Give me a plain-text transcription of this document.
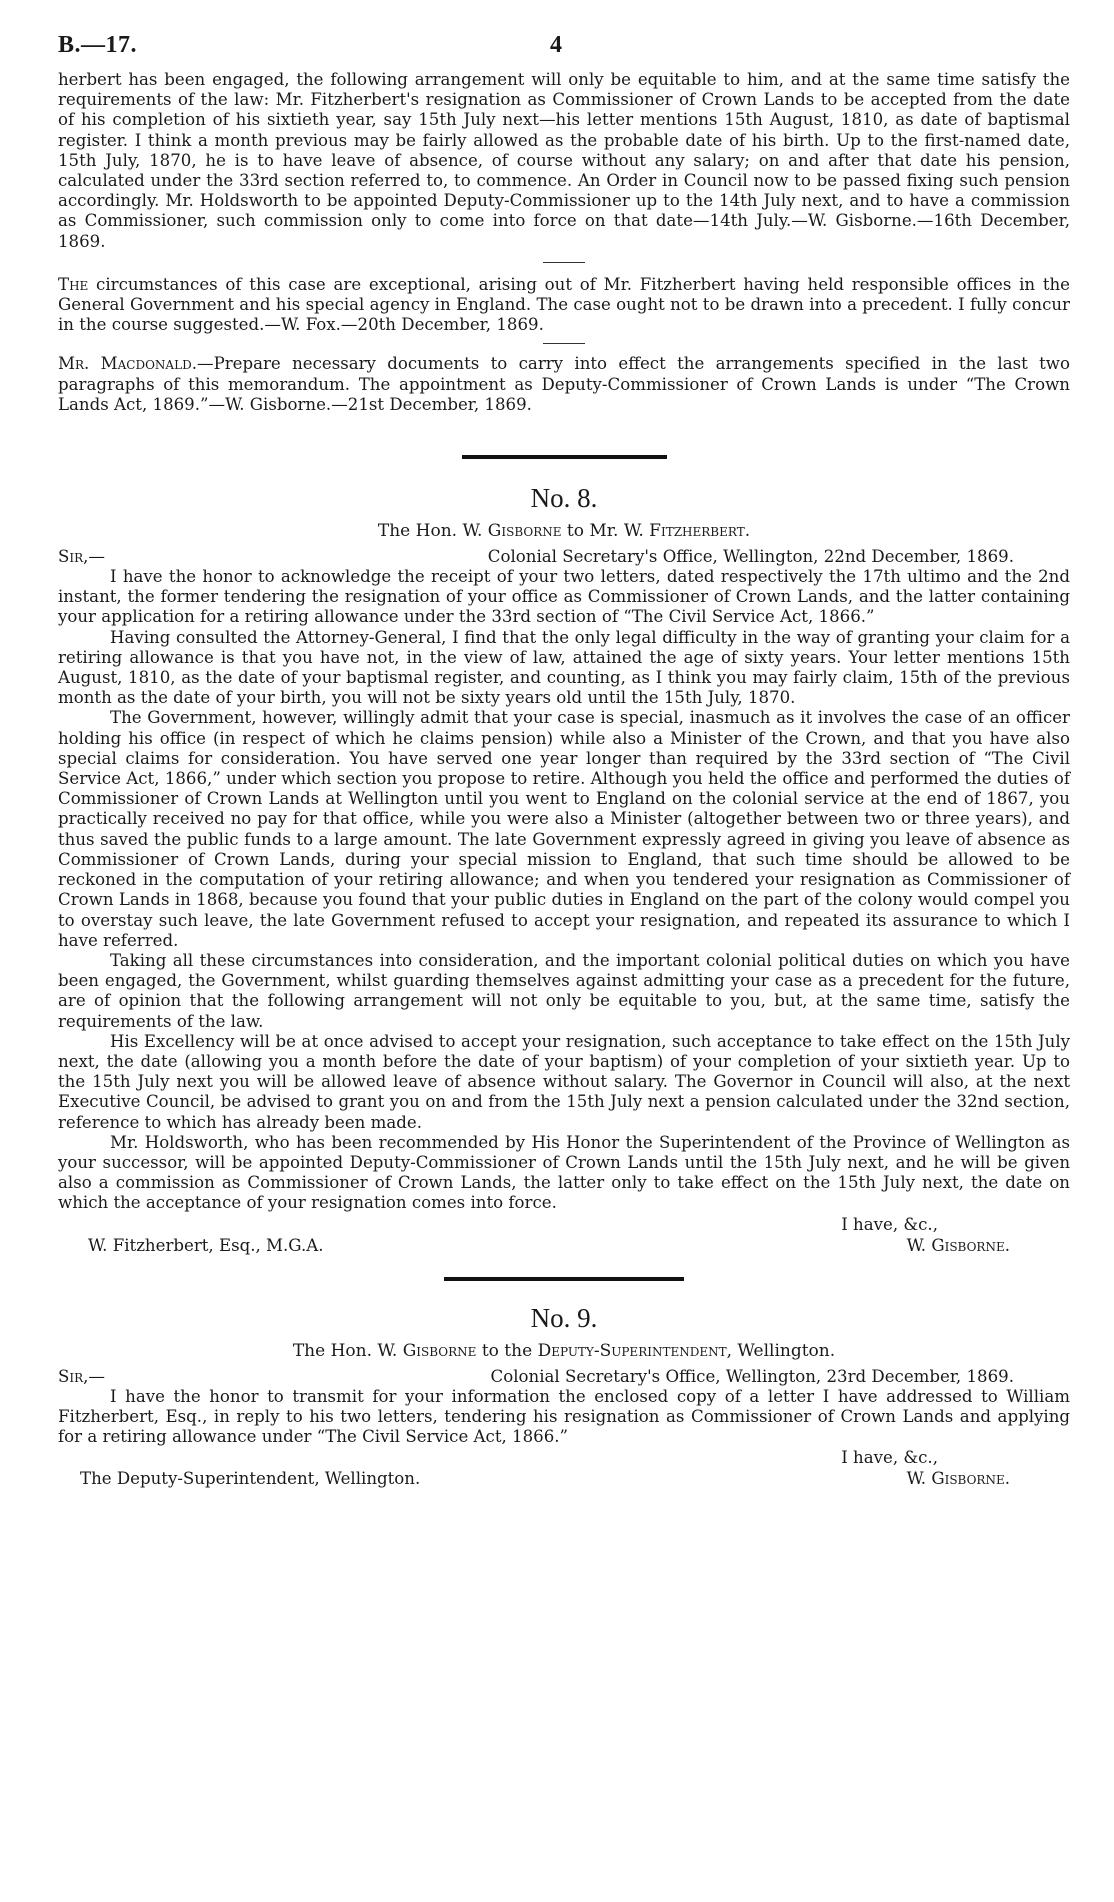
B.—17.	4

herbert has been engaged, the following arrangement will only be equitable to him, and at the same time satisfy the requirements of the law: Mr. Fitzherbert's resignation as Commissioner of Crown Lands to be accepted from the date of his completion of his sixtieth year, say 15th July next—his letter mentions 15th August, 1810, as date of baptismal register. I think a month previous may be fairly allowed as the probable date of his birth. Up to the first-named date, 15th July, 1870, he is to have leave of absence, of course without any salary; on and after that date his pension, calculated under the 33rd section referred to, to commence. An Order in Council now to be passed fixing such pension accordingly. Mr. Holdsworth to be appointed Deputy-Commissioner up to the 14th July next, and to have a commission as Commissioner, such commission only to come into force on that date—14th July.—W. Gisborne.—16th December, 1869.

The circumstances of this case are exceptional, arising out of Mr. Fitzherbert having held responsible offices in the General Government and his special agency in England. The case ought not to be drawn into a precedent. I fully concur in the course suggested.—W. Fox.—20th December, 1869.

Mr. Macdonald.—Prepare necessary documents to carry into effect the arrangements specified in the last two paragraphs of this memorandum. The appointment as Deputy-Commissioner of Crown Lands is under “The Crown Lands Act, 1869.”—W. Gisborne.—21st December, 1869.

No. 8.
The Hon. W. Gisborne to Mr. W. Fitzherbert.
Sir,—	Colonial Secretary's Office, Wellington, 22nd December, 1869.

I have the honor to acknowledge the receipt of your two letters, dated respectively the 17th ultimo and the 2nd instant, the former tendering the resignation of your office as Commissioner of Crown Lands, and the latter containing your application for a retiring allowance under the 33rd section of “The Civil Service Act, 1866.”

Having consulted the Attorney-General, I find that the only legal difficulty in the way of granting your claim for a retiring allowance is that you have not, in the view of law, attained the age of sixty years. Your letter mentions 15th August, 1810, as the date of your baptismal register, and counting, as I think you may fairly claim, 15th of the previous month as the date of your birth, you will not be sixty years old until the 15th July, 1870.

The Government, however, willingly admit that your case is special, inasmuch as it involves the case of an officer holding his office (in respect of which he claims pension) while also a Minister of the Crown, and that you have also special claims for consideration. You have served one year longer than required by the 33rd section of “The Civil Service Act, 1866,” under which section you propose to retire. Although you held the office and performed the duties of Commissioner of Crown Lands at Wellington until you went to England on the colonial service at the end of 1867, you practically received no pay for that office, while you were also a Minister (altogether between two or three years), and thus saved the public funds to a large amount. The late Government expressly agreed in giving you leave of absence as Commissioner of Crown Lands, during your special mission to England, that such time should be allowed to be reckoned in the computation of your retiring allowance; and when you tendered your resignation as Commissioner of Crown Lands in 1868, because you found that your public duties in England on the part of the colony would compel you to overstay such leave, the late Government refused to accept your resignation, and repeated its assurance to which I have referred.

Taking all these circumstances into consideration, and the important colonial political duties on which you have been engaged, the Government, whilst guarding themselves against admitting your case as a precedent for the future, are of opinion that the following arrangement will not only be equitable to you, but, at the same time, satisfy the requirements of the law.

His Excellency will be at once advised to accept your resignation, such acceptance to take effect on the 15th July next, the date (allowing you a month before the date of your baptism) of your completion of your sixtieth year. Up to the 15th July next you will be allowed leave of absence without salary. The Governor in Council will also, at the next Executive Council, be advised to grant you on and from the 15th July next a pension calculated under the 32nd section, reference to which has already been made.

Mr. Holdsworth, who has been recommended by His Honor the Superintendent of the Province of Wellington as your successor, will be appointed Deputy-Commissioner of Crown Lands until the 15th July next, and he will be given also a commission as Commissioner of Crown Lands, the latter only to take effect on the 15th July next, the date on which the acceptance of your resignation comes into force.

I have, &c.,
W. Fitzherbert, Esq., M.G.A.	W. Gisborne.
No. 9.
The Hon. W. Gisborne to the Deputy-Superintendent, Wellington.
Sir,—	Colonial Secretary's Office, Wellington, 23rd December, 1869.

I have the honor to transmit for your information the enclosed copy of a letter I have addressed to William Fitzherbert, Esq., in reply to his two letters, tendering his resignation as Commissioner of Crown Lands and applying for a retiring allowance under “The Civil Service Act, 1866.”

I have, &c.,
The Deputy-Superintendent, Wellington.	W. Gisborne.
